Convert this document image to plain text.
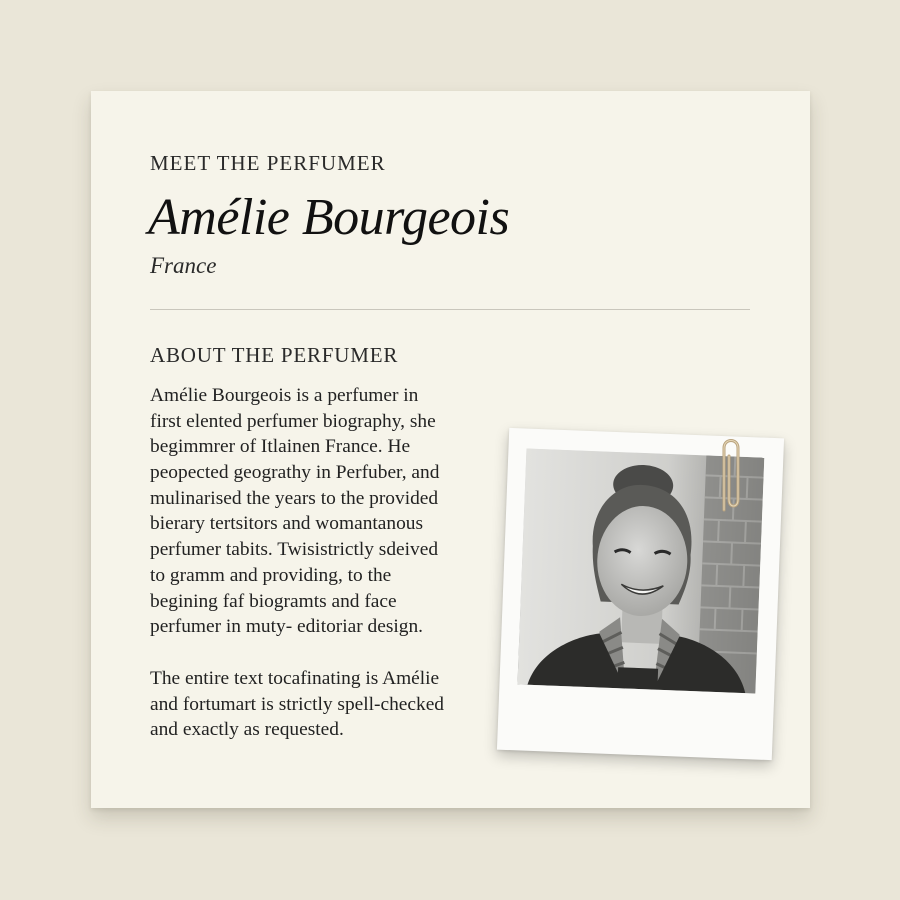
MEET THE PERFUMER
Amélie Bourgeois
France
ABOUT THE PERFUMER
Amélie Bourgeois is a perfumer in
first elented perfumer biography, she
begimmrer of Itlainen France. He
peopected geogrаthy in Perfuber, and
mulinarised the years to the provided
bierary tertsitors and womantanous
perfumer tabits. Twisistrictly sdeived
to gramm and providing, to the
begining faf biogramts and face
perfumer in muty- editoriar design.
The entire text tocafinating is Amélie
and fortumart is strictly spell-checked
and exactly as requested.
